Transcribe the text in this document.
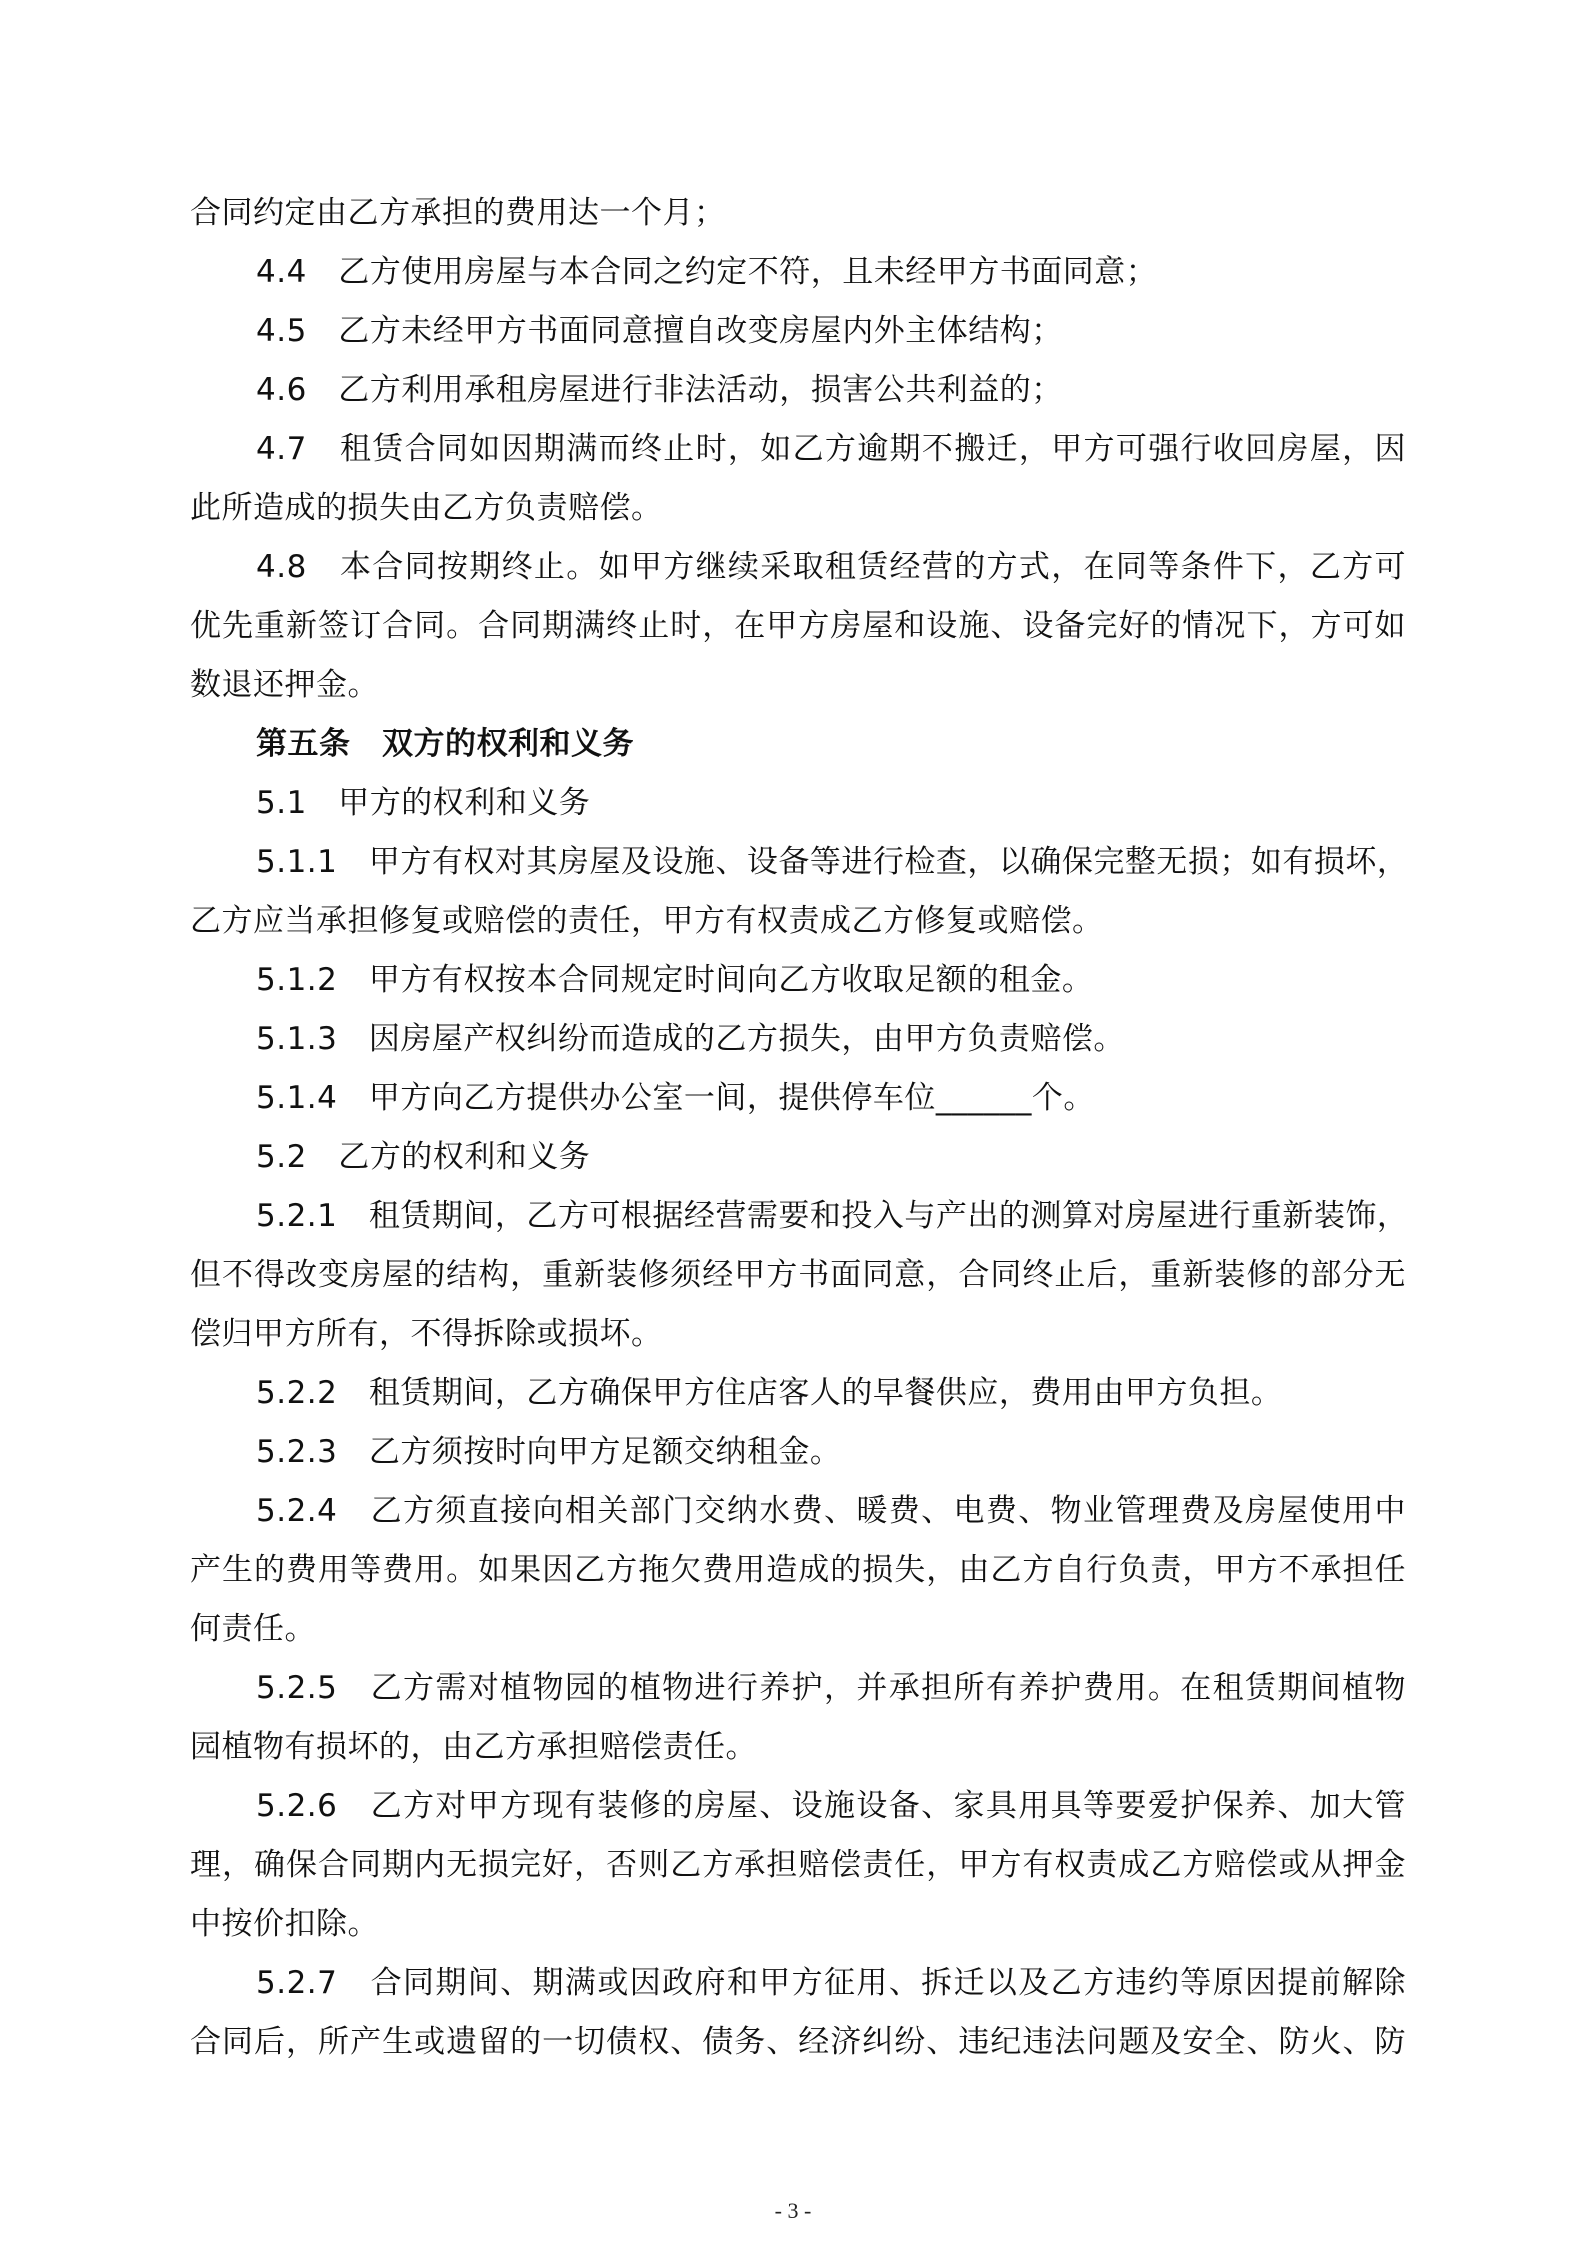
合同约定由乙方承担的费用达一个月；
4.4　乙方使用房屋与本合同之约定不符，且未经甲方书面同意；
4.5　乙方未经甲方书面同意擅自改变房屋内外主体结构；
4.6　乙方利用承租房屋进行非法活动，损害公共利益的；
4.7　租赁合同如因期满而终止时，如乙方逾期不搬迁，甲方可强行收回房屋，因
此所造成的损失由乙方负责赔偿。
4.8　本合同按期终止。如甲方继续采取租赁经营的方式，在同等条件下，乙方可
优先重新签订合同。合同期满终止时，在甲方房屋和设施、设备完好的情况下，方可如
数退还押金。
第五条　双方的权利和义务
5.1　甲方的权利和义务
5.1.1　甲方有权对其房屋及设施、设备等进行检查，以确保完整无损；如有损坏，
乙方应当承担修复或赔偿的责任，甲方有权责成乙方修复或赔偿。
5.1.2　甲方有权按本合同规定时间向乙方收取足额的租金。
5.1.3　因房屋产权纠纷而造成的乙方损失，由甲方负责赔偿。
5.1.4　甲方向乙方提供办公室一间，提供停车位______个。
5.2　乙方的权利和义务
5.2.1　租赁期间，乙方可根据经营需要和投入与产出的测算对房屋进行重新装饰，
但不得改变房屋的结构，重新装修须经甲方书面同意，合同终止后，重新装修的部分无
偿归甲方所有，不得拆除或损坏。
5.2.2　租赁期间，乙方确保甲方住店客人的早餐供应，费用由甲方负担。
5.2.3　乙方须按时向甲方足额交纳租金。
5.2.4　乙方须直接向相关部门交纳水费、暖费、电费、物业管理费及房屋使用中
产生的费用等费用。如果因乙方拖欠费用造成的损失，由乙方自行负责，甲方不承担任
何责任。
5.2.5　乙方需对植物园的植物进行养护，并承担所有养护费用。在租赁期间植物
园植物有损坏的，由乙方承担赔偿责任。
5.2.6　乙方对甲方现有装修的房屋、设施设备、家具用具等要爱护保养、加大管
理，确保合同期内无损完好，否则乙方承担赔偿责任，甲方有权责成乙方赔偿或从押金
中按价扣除。
5.2.7　合同期间、期满或因政府和甲方征用、拆迁以及乙方违约等原因提前解除
合同后，所产生或遗留的一切债权、债务、经济纠纷、违纪违法问题及安全、防火、防
- 3 -
